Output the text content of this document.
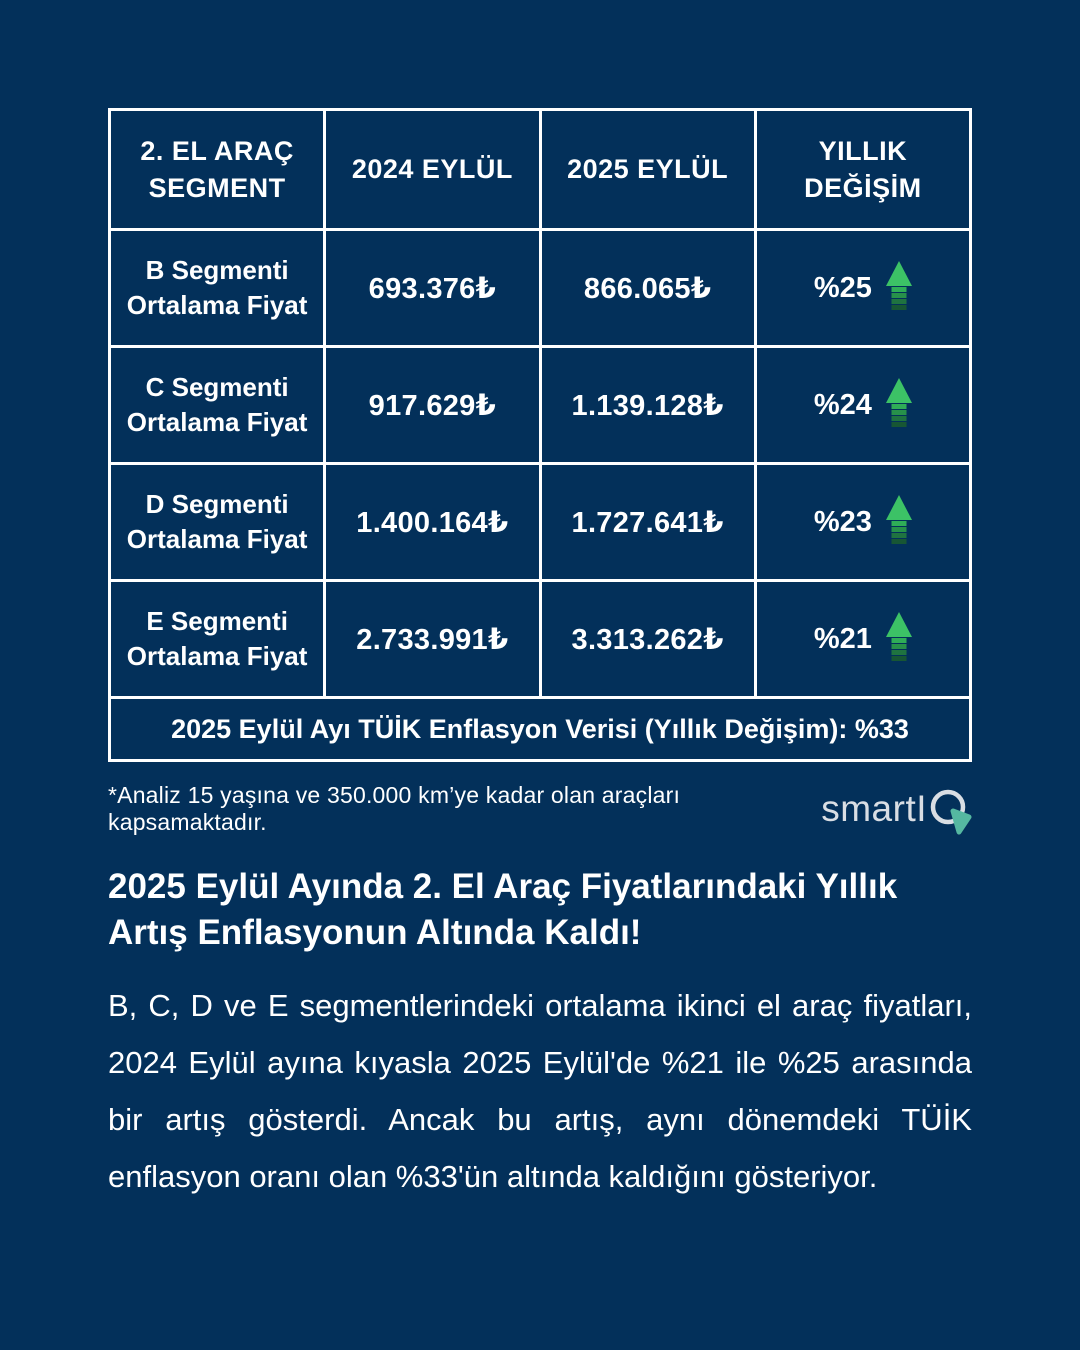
2. EL ARAÇ SEGMENT	2024 EYLÜL	2025 EYLÜL	YILLIK DEĞİŞİM
B Segmenti Ortalama Fiyat	693.376₺	866.065₺	%25

C Segmenti Ortalama Fiyat	917.629₺	1.139.128₺	%24

D Segmenti Ortalama Fiyat	1.400.164₺	1.727.641₺	%23

E Segmenti Ortalama Fiyat	2.733.991₺	3.313.262₺	%21

2025 Eylül Ayı TÜİK Enflasyon Verisi (Yıllık Değişim): %33			
*Analiz 15 yaşına ve 350.000 km’ye kadar olan araçları kapsamaktadır.	smartI
2025 Eylül Ayında 2. El Araç Fiyatlarındaki Yıllık Artış Enflasyonun Altında Kaldı!
B, C, D ve E segmentlerindeki ortalama ikinci el araç fiyatları, 2024 Eylül ayına kıyasla 2025 Eylül'de %21 ile %25 arasında bir artış gösterdi. Ancak bu artış, aynı dönemdeki TÜİK enflasyon oranı olan %33'ün altında kaldığını gösteriyor.
